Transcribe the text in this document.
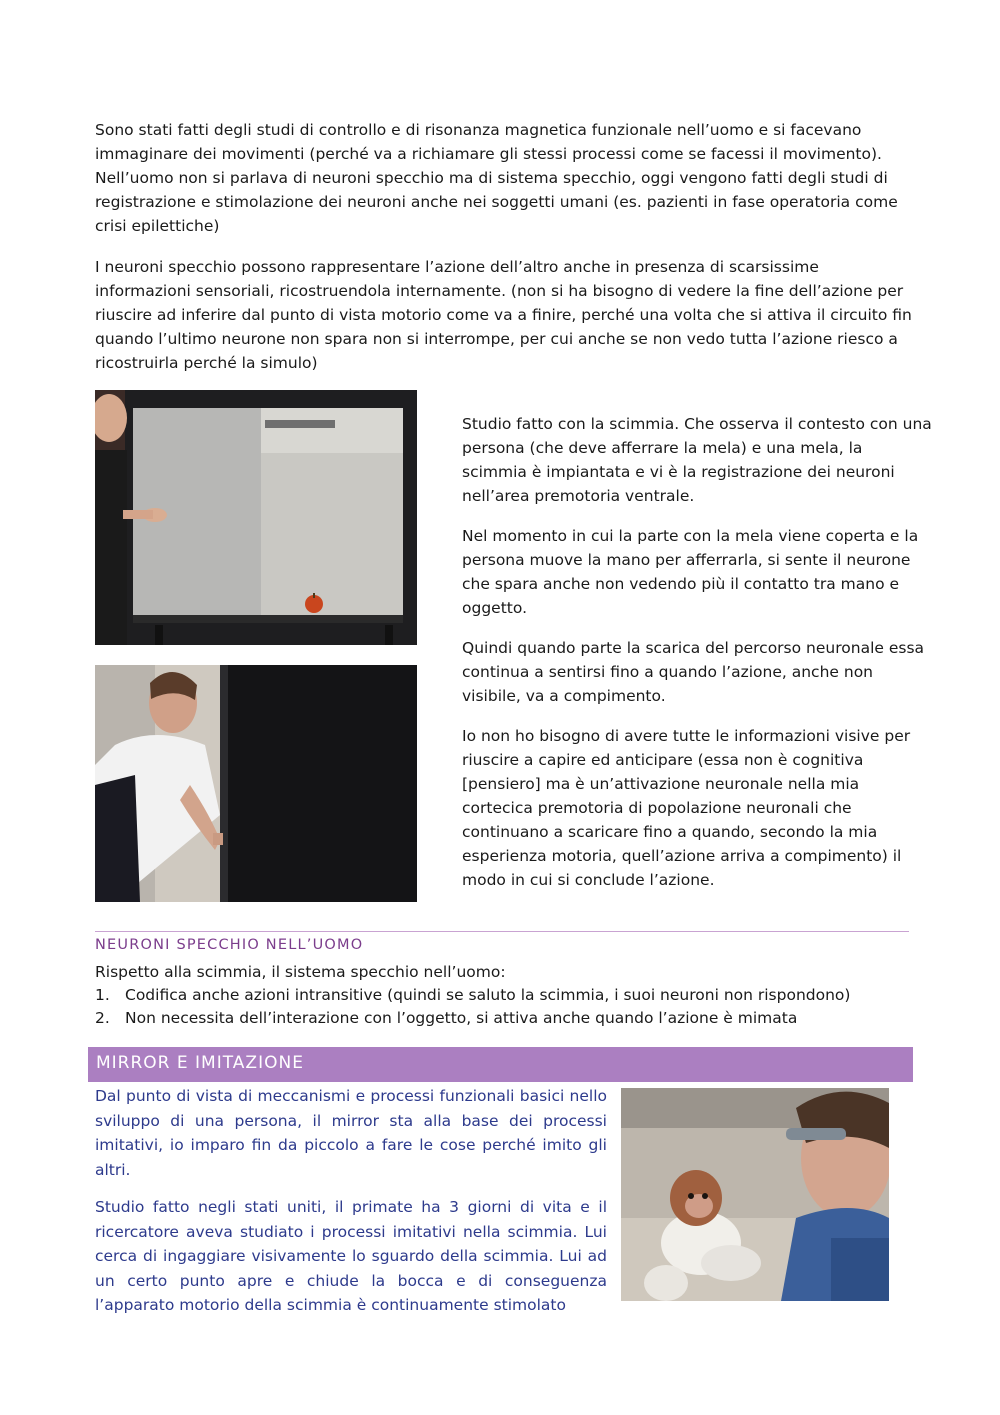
Sono stati fatti degli studi di controllo e di risonanza magnetica funzionale nell’uomo e si facevano immaginare dei movimenti (perché va a richiamare gli stessi processi come se facessi il movimento). Nell’uomo non si parlava di neuroni specchio ma di sistema specchio, oggi vengono fatti degli studi di registrazione e stimolazione dei neuroni anche nei soggetti umani (es. pazienti in fase operatoria come crisi epilettiche)

I neuroni specchio possono rappresentare l’azione dell’altro anche in presenza di scarsissime informazioni sensoriali, ricostruendola internamente. (non si ha bisogno di vedere la fine dell’azione per riuscire ad inferire dal punto di vista motorio come va a finire, perché una volta che si attiva il circuito fin quando l’ultimo neurone non spara non si interrompe, per cui anche se non vedo tutta l’azione riesco a ricostruirla perché la simulo)

Studio fatto con la scimmia. Che osserva il contesto con una persona (che deve afferrare la mela) e una mela, la scimmia è impiantata e vi è la registrazione dei neuroni nell’area premotoria ventrale.

Nel momento in cui la parte con la mela viene coperta e la persona muove la mano per afferrarla, si sente il neurone che spara anche non vedendo più il contatto tra mano e oggetto.

Quindi quando parte la scarica del percorso neuronale essa continua a sentirsi fino a quando l’azione, anche non visibile, va a compimento.

Io non ho bisogno di avere tutte le informazioni visive per riuscire a capire ed anticipare (essa non è cognitiva [pensiero] ma è un’attivazione neuronale nella mia cortecica premotoria di popolazione neuronali che continuano a scaricare fino a quando, secondo la mia esperienza motoria, quell’azione arriva a compimento) il modo in cui si conclude l’azione.

NEURONI SPECCHIO NELL’UOMO
Rispetto alla scimmia, il sistema specchio nell’uomo:
1. Codifica anche azioni intransitive (quindi se saluto la scimmia, i suoi neuroni non rispondono)
2. Non necessita dell’interazione con l’oggetto, si attiva anche quando l’azione è mimata
MIRROR E IMITAZIONE

Dal punto di vista di meccanismi e processi funzionali basici nello sviluppo di una persona, il mirror sta alla base dei processi imitativi, io imparo fin da piccolo a fare le cose perché imito gli altri.

Studio fatto negli stati uniti, il primate ha 3 giorni di vita e il ricercatore aveva studiato i processi imitativi nella scimmia. Lui cerca di ingaggiare visivamente lo sguardo della scimmia. Lui ad un certo punto apre e chiude la bocca e di conseguenza l’apparato motorio della scimmia è continuamente stimolato
